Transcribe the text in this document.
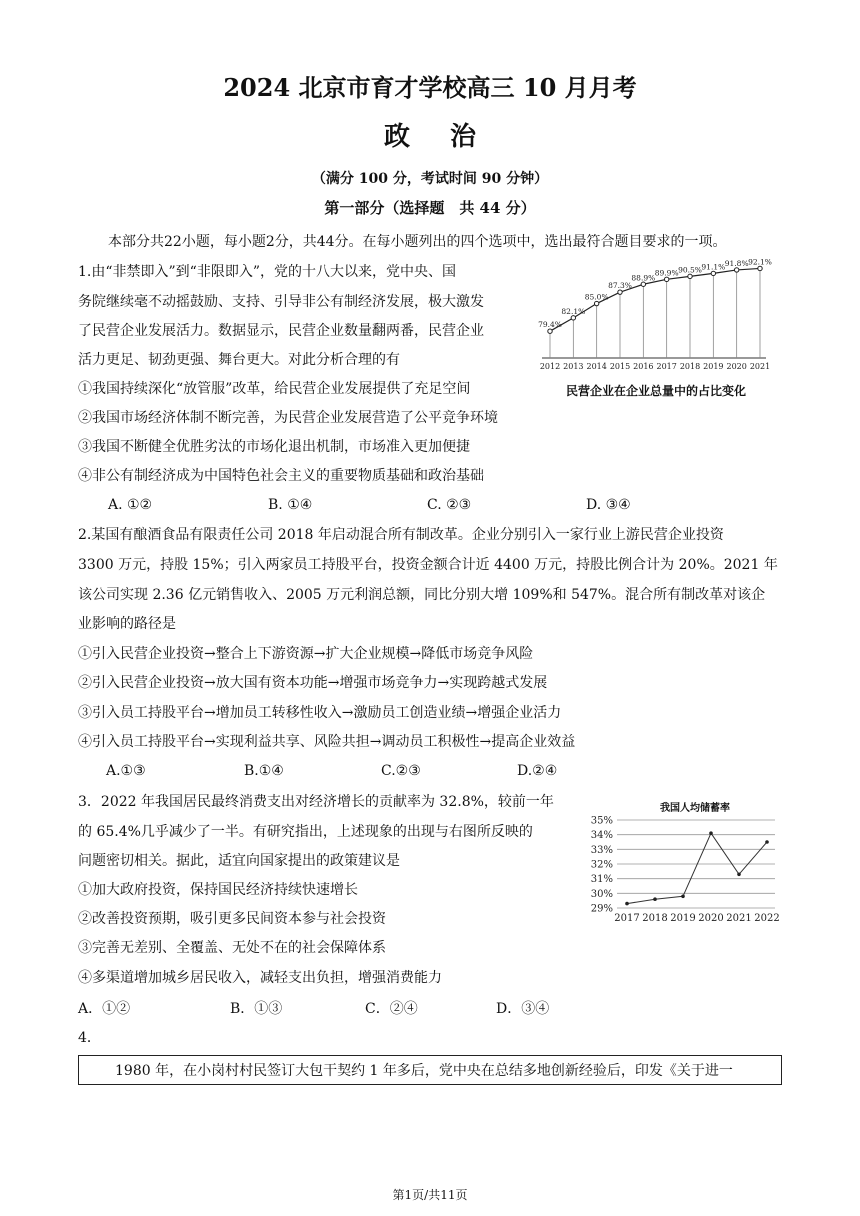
2024 北京市育才学校高三 10 月月考
政治
（满分 100 分，考试时间 90 分钟）
第一部分（选择题　共 44 分）
本部分共22小题，每小题2分，共44分。在每小题列出的四个选项中，选出最符合题目要求的一项。
1.由“非禁即入”到“非限即入”，党的十八大以来，党中央、国
务院继续毫不动摇鼓励、支持、引导非公有制经济发展，极大激发
了民营企业发展活力。数据显示，民营企业数量翻两番，民营企业
活力更足、韧劲更强、舞台更大。对此分析合理的有
①我国持续深化“放管服”改革，给民营企业发展提供了充足空间
②我国市场经济体制不断完善，为民营企业发展营造了公平竞争环境
③我国不断健全优胜劣汰的市场化退出机制，市场准入更加便捷
④非公有制经济成为中国特色社会主义的重要物质基础和政治基础
A. ①②	B. ①④	C. ②③	D. ③④
79.4%
2012
82.1%
2013
85.0%
2014
87.3%
2015
88.9%
2016
89.9%
2017
90.5%
2018
91.1%
2019
91.8%
2020
92.1%
2021
民营企业在企业总量中的占比变化
2.某国有酿酒食品有限责任公司 2018 年启动混合所有制改革。企业分别引入一家行业上游民营企业投资
3300 万元，持股 15%；引入两家员工持股平台，投资金额合计近 4400 万元，持股比例合计为 20%。2021 年
该公司实现 2.36 亿元销售收入、2005 万元利润总额，同比分别大增 109%和 547%。混合所有制改革对该企
业影响的路径是
①引入民营企业投资→整合上下游资源→扩大企业规模→降低市场竞争风险
②引入民营企业投资→放大国有资本功能→增强市场竞争力→实现跨越式发展
③引入员工持股平台→增加员工转移性收入→激励员工创造业绩→增强企业活力
④引入员工持股平台→实现利益共享、风险共担→调动员工积极性→提高企业效益
A.①③	B.①④	C.②③	D.②④
3．2022 年我国居民最终消费支出对经济增长的贡献率为 32.8%，较前一年
的 65.4%几乎减少了一半。有研究指出，上述现象的出现与右图所反映的
问题密切相关。据此，适宜向国家提出的政策建议是
①加大政府投资，保持国民经济持续快速增长
②改善投资预期，吸引更多民间资本参与社会投资
③完善无差别、全覆盖、无处不在的社会保障体系
④多渠道增加城乡居民收入，减轻支出负担，增强消费能力
A．①②	B．①③	C．②④	D．③④
我国人均储蓄率
29%
30%
31%
32%
33%
34%
35%
2017 2018 2019 2020 2021 2022
4．
1980 年，在小岗村村民签订大包干契约 1 年多后，党中央在总结多地创新经验后，印发《关于进一
第1页/共11页
